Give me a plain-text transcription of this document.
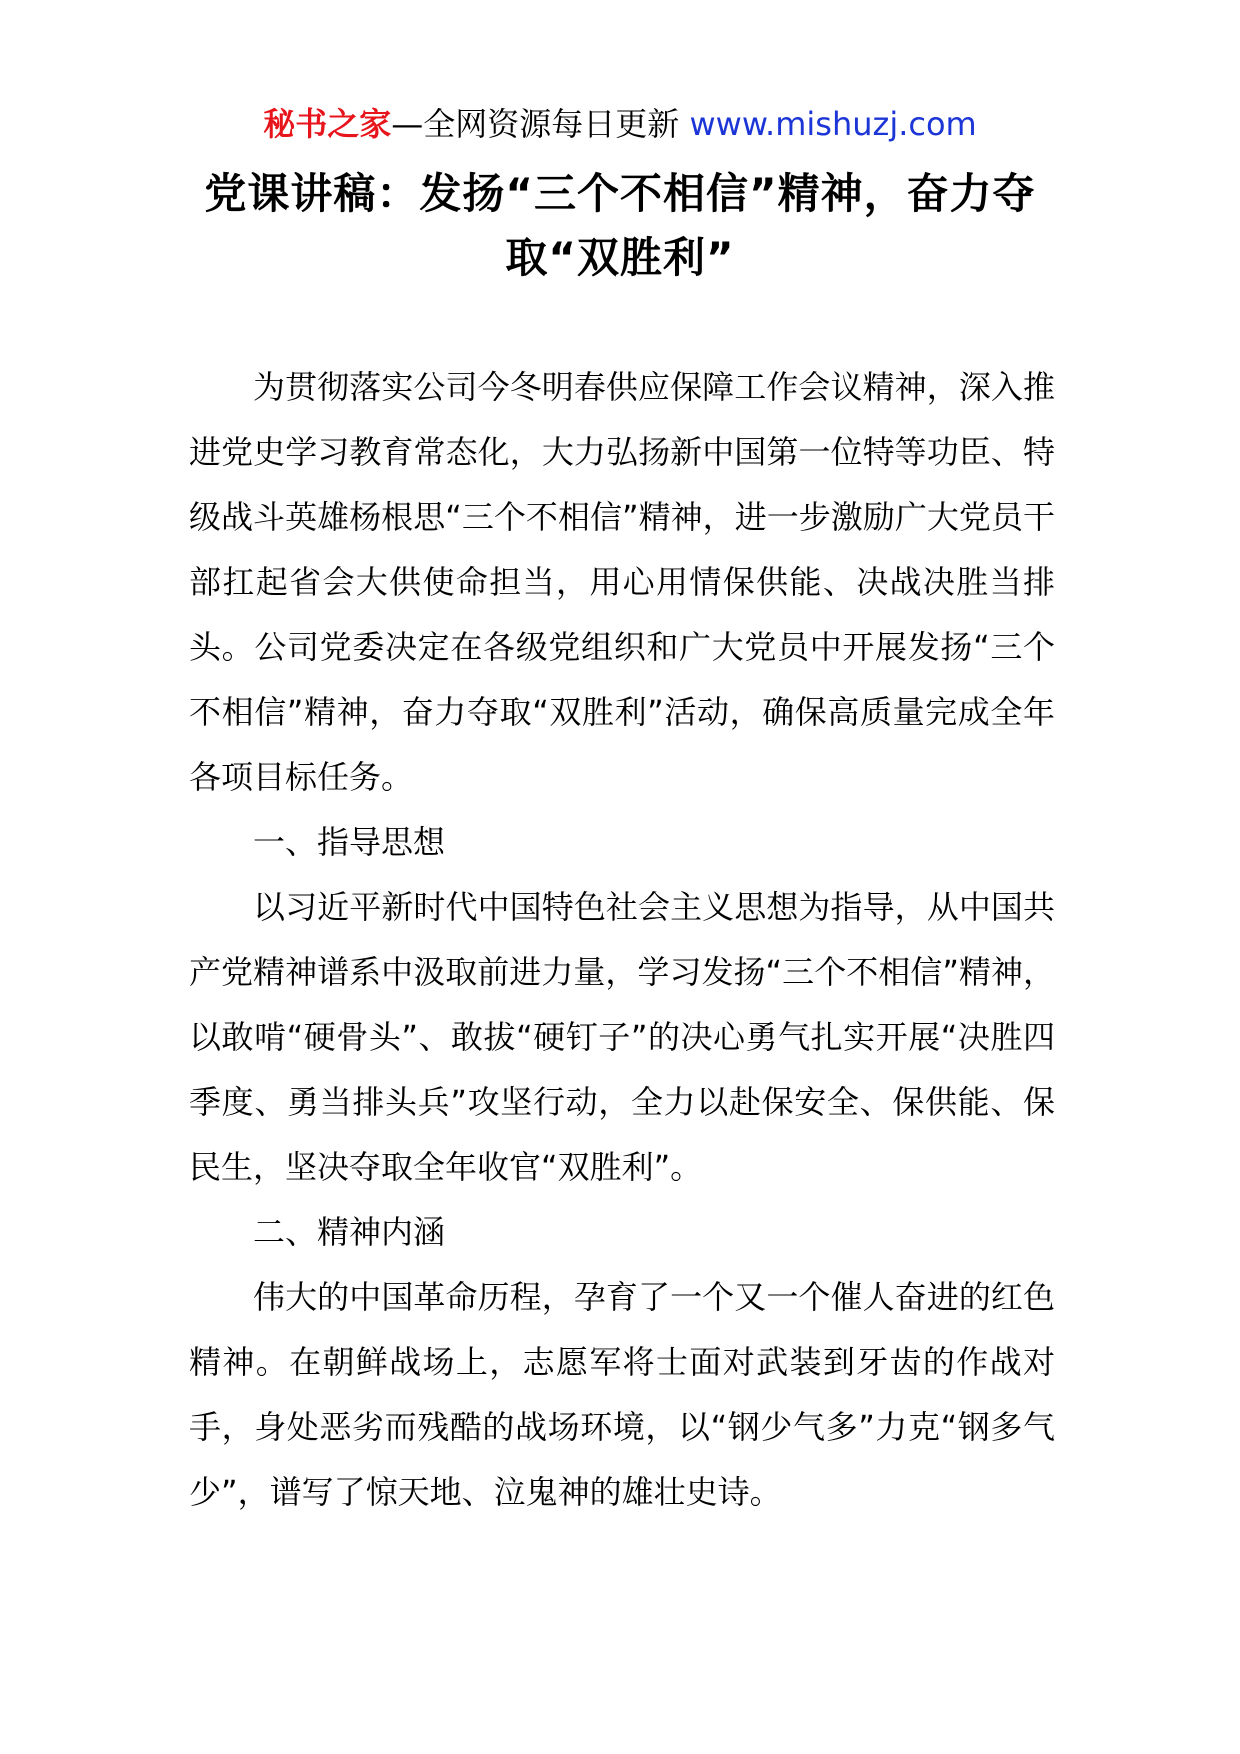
秘书之家—全网资源每日更新 www.mishuzj.com
党课讲稿：发扬“三个不相信”精神，奋力夺取“双胜利”

为贯彻落实公司今冬明春供应保障工作会议精神，深入推进党史学习教育常态化，大力弘扬新中国第一位特等功臣、特级战斗英雄杨根思“三个不相信”精神，进一步激励广大党员干部扛起省会大供使命担当，用心用情保供能、决战决胜当排头。公司党委决定在各级党组织和广大党员中开展发扬“三个不相信”精神，奋力夺取“双胜利”活动，确保高质量完成全年各项目标任务。

一、指导思想

以习近平新时代中国特色社会主义思想为指导，从中国共产党精神谱系中汲取前进力量，学习发扬“三个不相信”精神，以敢啃“硬骨头”、敢拔“硬钉子”的决心勇气扎实开展“决胜四季度、勇当排头兵”攻坚行动，全力以赴保安全、保供能、保民生，坚决夺取全年收官“双胜利”。

二、精神内涵

伟大的中国革命历程，孕育了一个又一个催人奋进的红色精神。在朝鲜战场上，志愿军将士面对武装到牙齿的作战对手，身处恶劣而残酷的战场环境，以“钢少气多”力克“钢多气少”，谱写了惊天地、泣鬼神的雄壮史诗。
